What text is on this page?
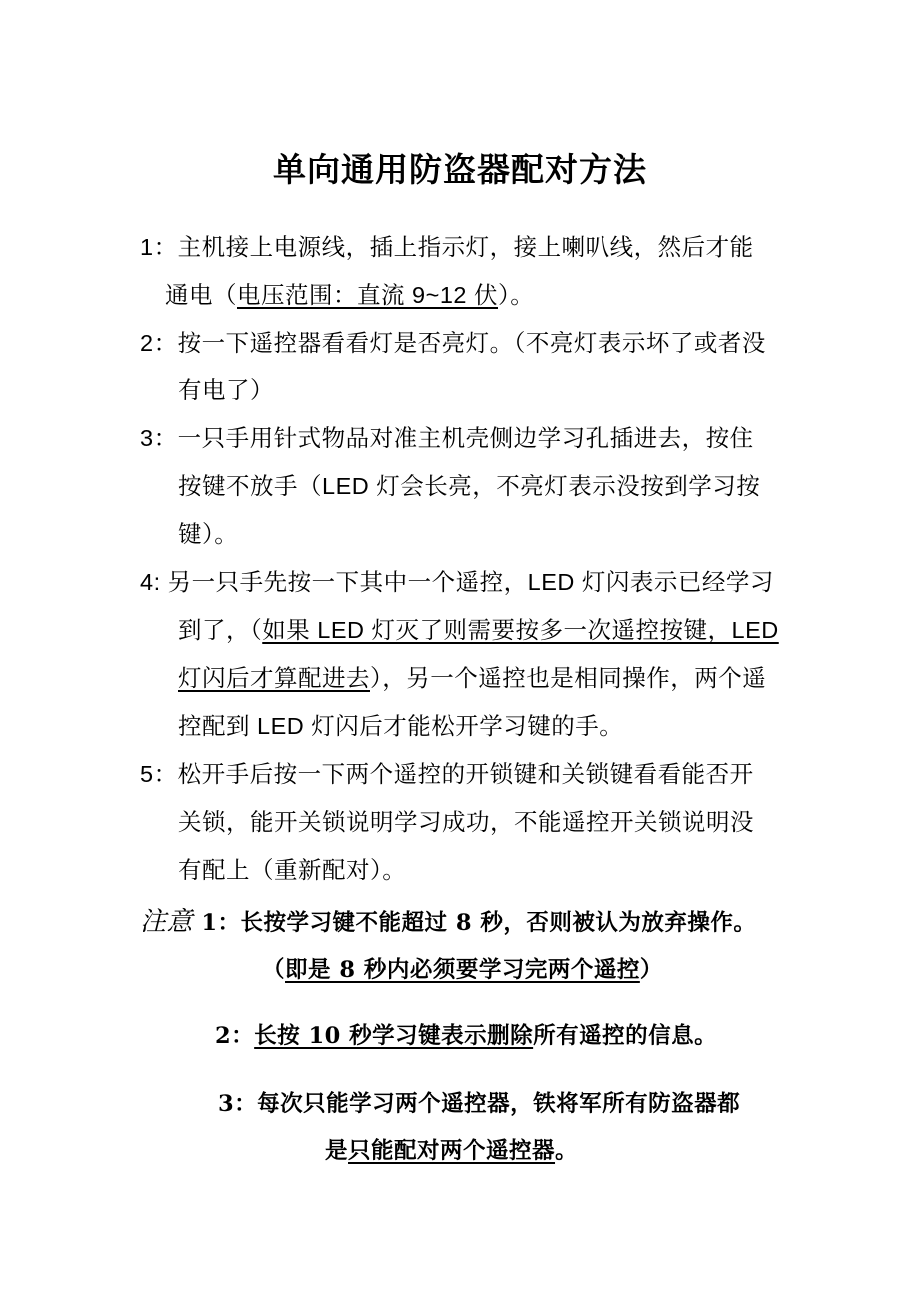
单向通用防盗器配对方法
1：主机接上电源线，插上指示灯，接上喇叭线，然后才能
通电（电压范围：直流 9~12 伏）。
2：按一下遥控器看看灯是否亮灯。（不亮灯表示坏了或者没
有电了）
3：一只手用针式物品对准主机壳侧边学习孔插进去，按住
按键不放手（LED 灯会长亮，不亮灯表示没按到学习按
键）。
4: 另一只手先按一下其中一个遥控，LED 灯闪表示已经学习
到了，（如果 LED 灯灭了则需要按多一次遥控按键，LED
灯闪后才算配进去），另一个遥控也是相同操作，两个遥
控配到 LED 灯闪后才能松开学习键的手。
5：松开手后按一下两个遥控的开锁键和关锁键看看能否开
关锁，能开关锁说明学习成功，不能遥控开关锁说明没
有配上（重新配对）。
注意 1：长按学习键不能超过 8 秒，否则被认为放弃操作。
（即是 8 秒内必须要学习完两个遥控）
2：长按 10 秒学习键表示删除所有遥控的信息。
3：每次只能学习两个遥控器，铁将军所有防盗器都
是只能配对两个遥控器。
